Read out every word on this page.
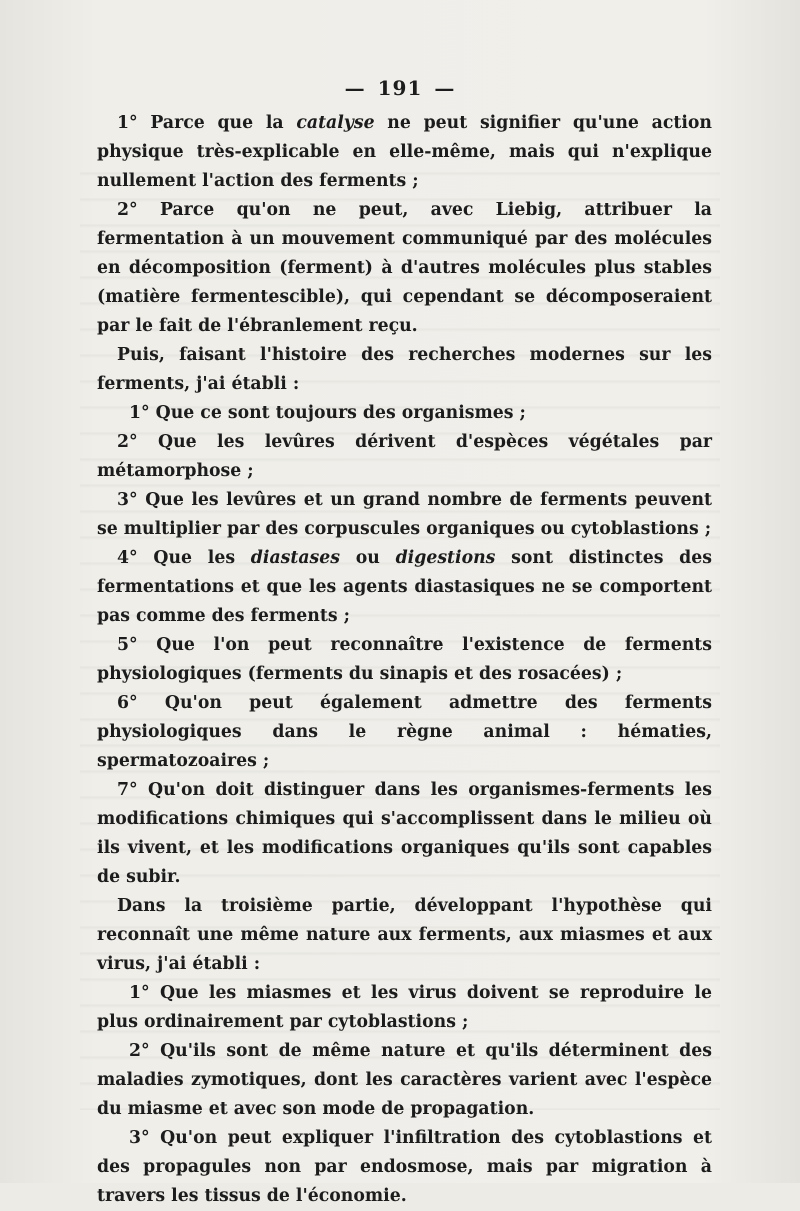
— 191 —

1° Parce que la catalyse ne peut signifier qu'une action physique très-explicable en elle-même, mais qui n'explique nullement l'action des ferments ;

2° Parce qu'on ne peut, avec Liebig, attribuer la fermentation à un mouvement communiqué par des molécules en décomposition (ferment) à d'autres molécules plus stables (matière fermentescible), qui cependant se décomposeraient par le fait de l'ébranlement reçu.

Puis, faisant l'histoire des recherches modernes sur les ferments, j'ai établi :

1° Que ce sont toujours des organismes ;

2° Que les levûres dérivent d'espèces végétales par métamorphose ;

3° Que les levûres et un grand nombre de ferments peuvent se multiplier par des corpuscules organiques ou cytoblastions ;

4° Que les diastases ou digestions sont distinctes des fermentations et que les agents diastasiques ne se comportent pas comme des ferments ;

5° Que l'on peut reconnaître l'existence de ferments physiologiques (ferments du sinapis et des rosacées) ;

6° Qu'on peut également admettre des ferments physiologiques dans le règne animal : hématies, spermatozoaires ;

7° Qu'on doit distinguer dans les organismes-ferments les modifications chimiques qui s'accomplissent dans le milieu où ils vivent, et les modifications organiques qu'ils sont capables de subir.

Dans la troisième partie, développant l'hypothèse qui reconnaît une même nature aux ferments, aux miasmes et aux virus, j'ai établi :

1° Que les miasmes et les virus doivent se reproduire le plus ordinairement par cytoblastions ;

2° Qu'ils sont de même nature et qu'ils déterminent des maladies zymotiques, dont les caractères varient avec l'espèce du miasme et avec son mode de propagation.

3° Qu'on peut expliquer l'infiltration des cytoblastions et des propagules non par endosmose, mais par migration à travers les tissus de l'économie.
